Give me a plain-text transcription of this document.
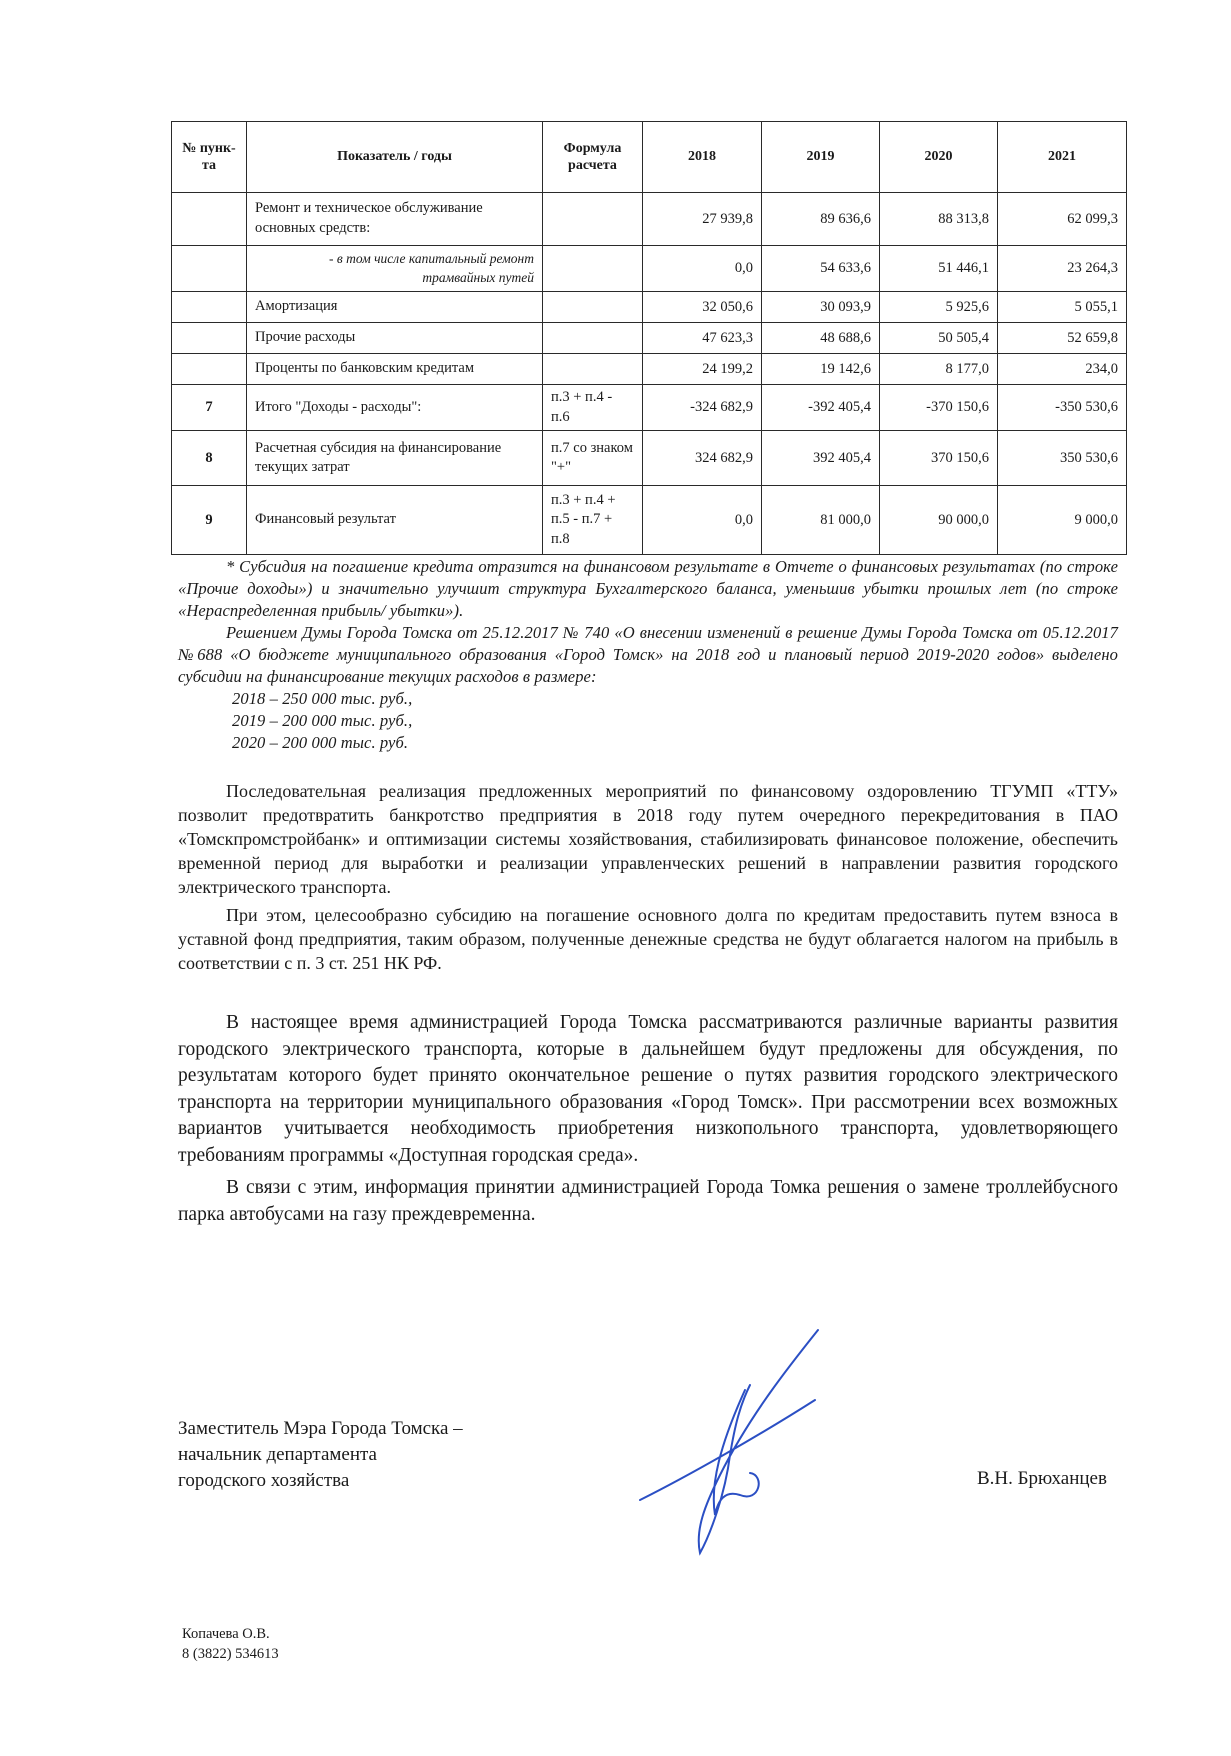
№ пунк-та	Показатель / годы	Формула расчета	2018	2019	2020	2021
	Ремонт и техническое обслуживание основных средств:		27 939,8	89 636,6	88 313,8	62 099,3
	- в том числе капитальный ремонт трамвайных путей		0,0	54 633,6	51 446,1	23 264,3
	Амортизация		32 050,6	30 093,9	5 925,6	5 055,1
	Прочие расходы		47 623,3	48 688,6	50 505,4	52 659,8
	Проценты по банковским кредитам		24 199,2	19 142,6	8 177,0	234,0
7	Итого "Доходы - расходы":	п.3 + п.4 - п.6	-324 682,9	-392 405,4	-370 150,6	-350 530,6
8	Расчетная субсидия на финансирование текущих затрат	п.7 со знаком "+"	324 682,9	392 405,4	370 150,6	350 530,6
9	Финансовый результат	п.3 + п.4 + п.5 - п.7 + п.8	0,0	81 000,0	90 000,0	9 000,0

* Субсидия на погашение кредита отразится на финансовом результате в Отчете о финансовых результатах (по строке «Прочие доходы») и значительно улучшит структура Бухгалтерского баланса, уменьшив убытки прошлых лет (по строке «Нераспределенная прибыль/ убытки»).

Решением Думы Города Томска от 25.12.2017 № 740 «О внесении изменений в решение Думы Города Томска от 05.12.2017 №688 «О бюджете муниципального образования «Город Томск» на 2018 год и плановый период 2019-2020 годов» выделено субсидии на финансирование текущих расходов в размере:

2018 – 250 000 тыс. руб.,

2019 – 200 000 тыс. руб.,

2020 – 200 000 тыс. руб.

Последовательная реализация предложенных мероприятий по финансовому оздоровлению ТГУМП «ТТУ» позволит предотвратить банкротство предприятия в 2018 году путем очередного перекредитования в ПАО «Томскпромстройбанк» и оптимизации системы хозяйствования, стабилизировать финансовое положение, обеспечить временной период для выработки и реализации управленческих решений в направлении развития городского электрического транспорта.

При этом, целесообразно субсидию на погашение основного долга по кредитам предоставить путем взноса в уставной фонд предприятия, таким образом, полученные денежные средства не будут облагается налогом на прибыль в соответствии с п. 3 ст. 251 НК РФ.

В настоящее время администрацией Города Томска рассматриваются различные варианты развития городского электрического транспорта, которые в дальнейшем будут предложены для обсуждения, по результатам которого будет принято окончательное решение о путях развития городского электрического транспорта на территории муниципального образования «Город Томск». При рассмотрении всех возможных вариантов учитывается необходимость приобретения низкопольного транспорта, удовлетворяющего требованиям программы «Доступная городская среда».

В связи с этим, информация принятии администрацией Города Томка решения о замене троллейбусного парка автобусами на газу преждевременна.

Заместитель Мэра Города Томска –
начальник департамента
городского хозяйства	В.Н. Брюханцев
Копачева О.В.
8 (3822) 534613
